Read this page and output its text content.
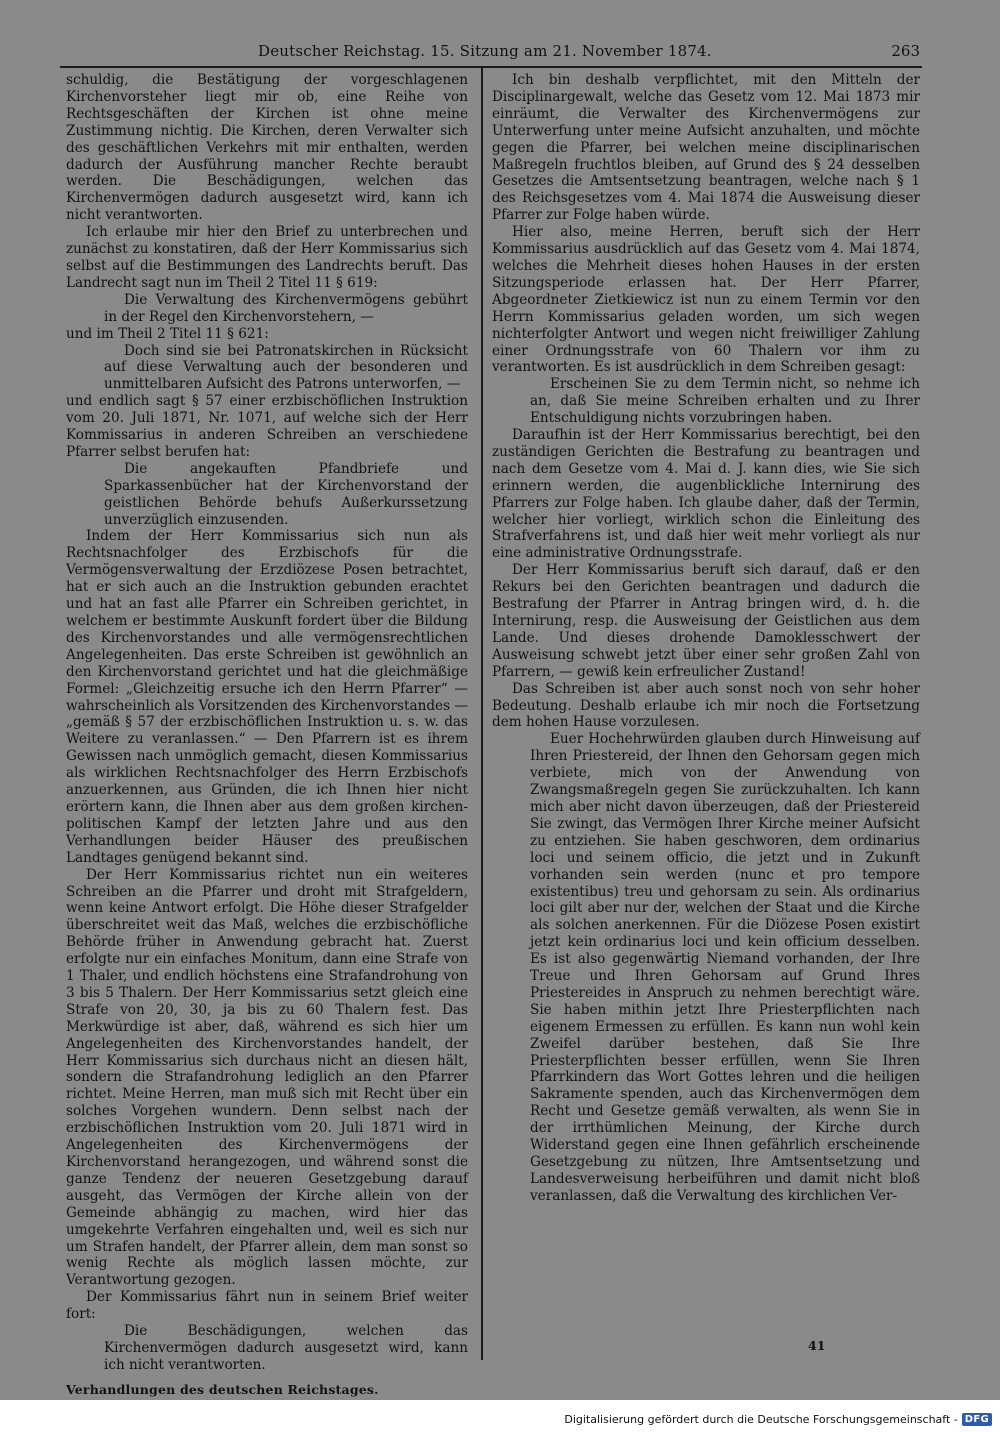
Deutscher Reichstag. 15. Sitzung am 21. November 1874.	263

schuldig, die Bestätigung der vorgeschlagenen Kirchenvorsteher liegt mir ob, eine Reihe von Rechtsgeschäften der Kirchen ist ohne meine Zustimmung nichtig. Die Kirchen, deren Verwalter sich des geschäftlichen Verkehrs mit mir enthalten, werden dadurch der Ausführung mancher Rechte beraubt werden. Die Beschädigungen, welchen das Kirchenvermögen dadurch ausgesetzt wird, kann ich nicht verantworten.

Ich erlaube mir hier den Brief zu unterbrechen und zunächst zu konstatiren, daß der Herr Kommissarius sich selbst auf die Bestimmungen des Landrechts beruft. Das Landrecht sagt nun im Theil 2 Titel 11 § 619:

Die Verwaltung des Kirchenvermögens gebührt in der Regel den Kirchenvorstehern, —

und im Theil 2 Titel 11 § 621:

Doch sind sie bei Patronatskirchen in Rücksicht auf diese Verwaltung auch der besonderen und unmittelbaren Aufsicht des Patrons unterworfen, —

und endlich sagt § 57 einer erzbischöflichen Instruktion vom 20. Juli 1871, Nr. 1071, auf welche sich der Herr Kommissarius in anderen Schreiben an verschiedene Pfarrer selbst berufen hat:

Die angekauften Pfandbriefe und Sparkassenbücher hat der Kirchenvorstand der geistlichen Behörde behufs Außerkurssetzung unverzüglich einzusenden.

Indem der Herr Kommissarius sich nun als Rechtsnachfolger des Erzbischofs für die Vermögensverwaltung der Erzdiözese Posen betrachtet, hat er sich auch an die Instruktion gebunden erachtet und hat an fast alle Pfarrer ein Schreiben gerichtet, in welchem er bestimmte Auskunft fordert über die Bildung des Kirchenvorstandes und alle vermögensrechtlichen Angelegenheiten. Das erste Schreiben ist gewöhnlich an den Kirchenvorstand gerichtet und hat die gleichmäßige Formel: „Gleichzeitig ersuche ich den Herrn Pfarrer“ — wahrscheinlich als Vorsitzenden des Kirchenvorstandes — „gemäß § 57 der erzbischöflichen Instruktion u. s. w. das Weitere zu veranlassen.“ — Den Pfarrern ist es ihrem Gewissen nach unmöglich gemacht, diesen Kommissarius als wirklichen Rechtsnachfolger des Herrn Erzbischofs anzuerkennen, aus Gründen, die ich Ihnen hier nicht erörtern kann, die Ihnen aber aus dem großen kirchen-politischen Kampf der letzten Jahre und aus den Verhandlungen beider Häuser des preußischen Landtages genügend bekannt sind.

Der Herr Kommissarius richtet nun ein weiteres Schreiben an die Pfarrer und droht mit Strafgeldern, wenn keine Antwort erfolgt. Die Höhe dieser Strafgelder überschreitet weit das Maß, welches die erzbischöfliche Behörde früher in Anwendung gebracht hat. Zuerst erfolgte nur ein einfaches Monitum, dann eine Strafe von 1 Thaler, und endlich höchstens eine Strafandrohung von 3 bis 5 Thalern. Der Herr Kommissarius setzt gleich eine Strafe von 20, 30, ja bis zu 60 Thalern fest. Das Merkwürdige ist aber, daß, während es sich hier um Angelegenheiten des Kirchenvorstandes handelt, der Herr Kommissarius sich durchaus nicht an diesen hält, sondern die Strafandrohung lediglich an den Pfarrer richtet. Meine Herren, man muß sich mit Recht über ein solches Vorgehen wundern. Denn selbst nach der erzbischöflichen Instruktion vom 20. Juli 1871 wird in Angelegenheiten des Kirchenvermögens der Kirchenvorstand herangezogen, und während sonst die ganze Tendenz der neueren Gesetzgebung darauf ausgeht, das Vermögen der Kirche allein von der Gemeinde abhängig zu machen, wird hier das umgekehrte Verfahren eingehalten und, weil es sich nur um Strafen handelt, der Pfarrer allein, dem man sonst so wenig Rechte als möglich lassen möchte, zur Verantwortung gezogen.

Der Kommissarius fährt nun in seinem Brief weiter fort:

Die Beschädigungen, welchen das Kirchenvermögen dadurch ausgesetzt wird, kann ich nicht verantworten.

Verhandlungen des deutschen Reichstages.

Ich bin deshalb verpflichtet, mit den Mitteln der Disciplinargewalt, welche das Gesetz vom 12. Mai 1873 mir einräumt, die Verwalter des Kirchenvermögens zur Unterwerfung unter meine Aufsicht anzuhalten, und möchte gegen die Pfarrer, bei welchen meine disciplinarischen Maßregeln fruchtlos bleiben, auf Grund des § 24 desselben Gesetzes die Amtsentsetzung beantragen, welche nach § 1 des Reichsgesetzes vom 4. Mai 1874 die Ausweisung dieser Pfarrer zur Folge haben würde.

Hier also, meine Herren, beruft sich der Herr Kommissarius ausdrücklich auf das Gesetz vom 4. Mai 1874, welches die Mehrheit dieses hohen Hauses in der ersten Sitzungsperiode erlassen hat. Der Herr Pfarrer, Abgeordneter Zietkiewicz ist nun zu einem Termin vor den Herrn Kommissarius geladen worden, um sich wegen nichterfolgter Antwort und wegen nicht freiwilliger Zahlung einer Ordnungsstrafe von 60 Thalern vor ihm zu verantworten. Es ist ausdrücklich in dem Schreiben gesagt:

Erscheinen Sie zu dem Termin nicht, so nehme ich an, daß Sie meine Schreiben erhalten und zu Ihrer Entschuldigung nichts vorzubringen haben.

Daraufhin ist der Herr Kommissarius berechtigt, bei den zuständigen Gerichten die Bestrafung zu beantragen und nach dem Gesetze vom 4. Mai d. J. kann dies, wie Sie sich erinnern werden, die augenblickliche Internirung des Pfarrers zur Folge haben. Ich glaube daher, daß der Termin, welcher hier vorliegt, wirklich schon die Einleitung des Strafverfahrens ist, und daß hier weit mehr vorliegt als nur eine administrative Ordnungsstrafe.

Der Herr Kommissarius beruft sich darauf, daß er den Rekurs bei den Gerichten beantragen und dadurch die Bestrafung der Pfarrer in Antrag bringen wird, d. h. die Internirung, resp. die Ausweisung der Geistlichen aus dem Lande. Und dieses drohende Damoklesschwert der Ausweisung schwebt jetzt über einer sehr großen Zahl von Pfarrern, — gewiß kein erfreulicher Zustand!

Das Schreiben ist aber auch sonst noch von sehr hoher Bedeutung. Deshalb erlaube ich mir noch die Fortsetzung dem hohen Hause vorzulesen.

Euer Hochehrwürden glauben durch Hinweisung auf Ihren Priestereid, der Ihnen den Gehorsam gegen mich verbiete, mich von der Anwendung von Zwangsmaßregeln gegen Sie zurückzuhalten. Ich kann mich aber nicht davon überzeugen, daß der Priestereid Sie zwingt, das Vermögen Ihrer Kirche meiner Aufsicht zu entziehen. Sie haben geschworen, dem ordinarius loci und seinem officio, die jetzt und in Zukunft vorhanden sein werden (nunc et pro tempore existentibus) treu und gehorsam zu sein. Als ordinarius loci gilt aber nur der, welchen der Staat und die Kirche als solchen anerkennen. Für die Diözese Posen existirt jetzt kein ordinarius loci und kein officium desselben. Es ist also gegenwärtig Niemand vorhanden, der Ihre Treue und Ihren Gehorsam auf Grund Ihres Priestereides in Anspruch zu nehmen berechtigt wäre. Sie haben mithin jetzt Ihre Priesterpflichten nach eigenem Ermessen zu erfüllen. Es kann nun wohl kein Zweifel darüber bestehen, daß Sie Ihre Priesterpflichten besser erfüllen, wenn Sie Ihren Pfarrkindern das Wort Gottes lehren und die heiligen Sakramente spenden, auch das Kirchenvermögen dem Recht und Gesetze gemäß verwalten, als wenn Sie in der irrthümlichen Meinung, der Kirche durch Widerstand gegen eine Ihnen gefährlich erscheinende Gesetzgebung zu nützen, Ihre Amtsentsetzung und Landesverweisung herbeiführen und damit nicht bloß veranlassen, daß die Verwaltung des kirchlichen Ver-

41
Digitalisierung gefördert durch die Deutsche Forschungsgemeinschaft - DFG
